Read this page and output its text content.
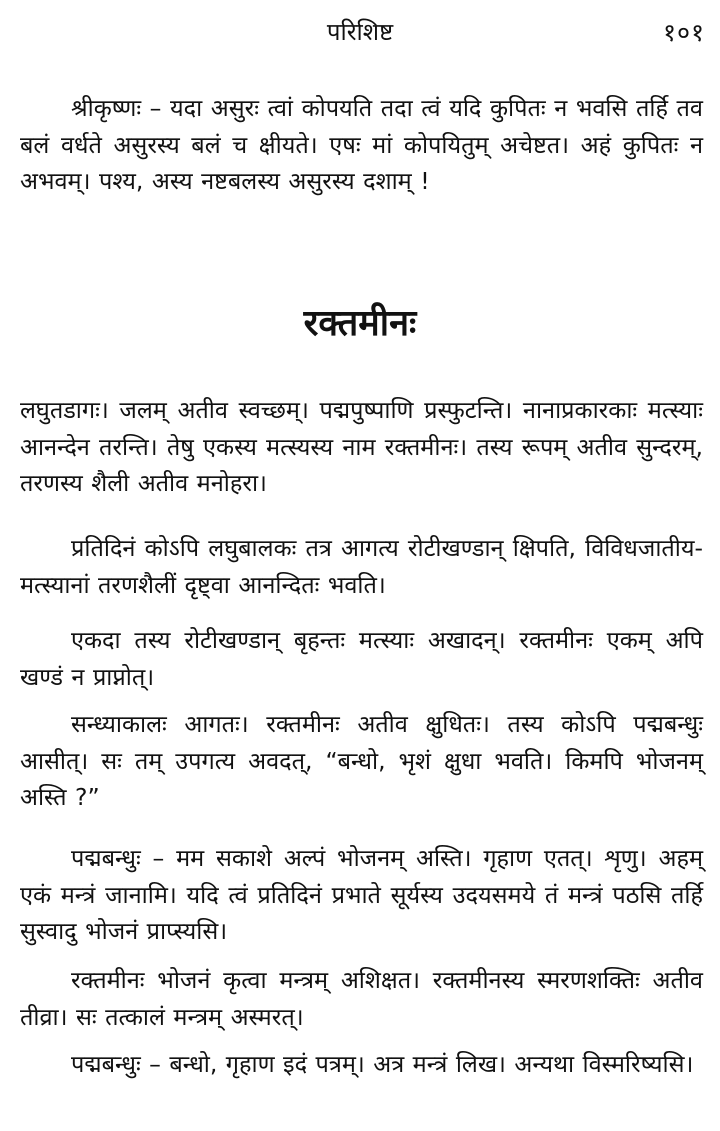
परिशिष्ट	१०१

श्रीकृष्णः – यदा असुरः त्वां कोपयति तदा त्वं यदि कुपितः न भवसि तर्हि तव बलं वर्धते असुरस्य बलं च क्षीयते। एषः मां कोपयितुम् अचेष्टत। अहं कुपितः न अभवम्। पश्य, अस्य नष्टबलस्य असुरस्य दशाम् !

रक्तमीनः

लघुतडागः। जलम् अतीव स्वच्छम्। पद्मपुष्पाणि प्रस्फुटन्ति। नानाप्रकारकाः मत्स्याः आनन्देन तरन्ति। तेषु एकस्य मत्स्यस्य नाम रक्तमीनः। तस्य रूपम् अतीव सुन्दरम्, तरणस्य शैली अतीव मनोहरा।

प्रतिदिनं कोऽपि लघुबालकः तत्र आगत्य रोटीखण्डान् क्षिपति, विविधजातीय-मत्स्यानां तरणशैलीं दृष्ट्वा आनन्दितः भवति।

एकदा तस्य रोटीखण्डान् बृहन्तः मत्स्याः अखादन्। रक्तमीनः एकम् अपि खण्डं न प्राप्नोत्।

सन्ध्याकालः आगतः। रक्तमीनः अतीव क्षुधितः। तस्य कोऽपि पद्मबन्धुः आसीत्। सः तम् उपगत्य अवदत्, “बन्धो, भृशं क्षुधा भवति। किमपि भोजनम् अस्ति ?”

पद्मबन्धुः – मम सकाशे अल्पं भोजनम् अस्ति। गृहाण एतत्। शृणु। अहम् एकं मन्त्रं जानामि। यदि त्वं प्रतिदिनं प्रभाते सूर्यस्य उदयसमये तं मन्त्रं पठसि तर्हि सुस्वादु भोजनं प्राप्स्यसि।

रक्तमीनः भोजनं कृत्वा मन्त्रम् अशिक्षत। रक्तमीनस्य स्मरणशक्तिः अतीव तीव्रा। सः तत्कालं मन्त्रम् अस्मरत्।

पद्मबन्धुः – बन्धो, गृहाण इदं पत्रम्। अत्र मन्त्रं लिख। अन्यथा विस्मरिष्यसि।
